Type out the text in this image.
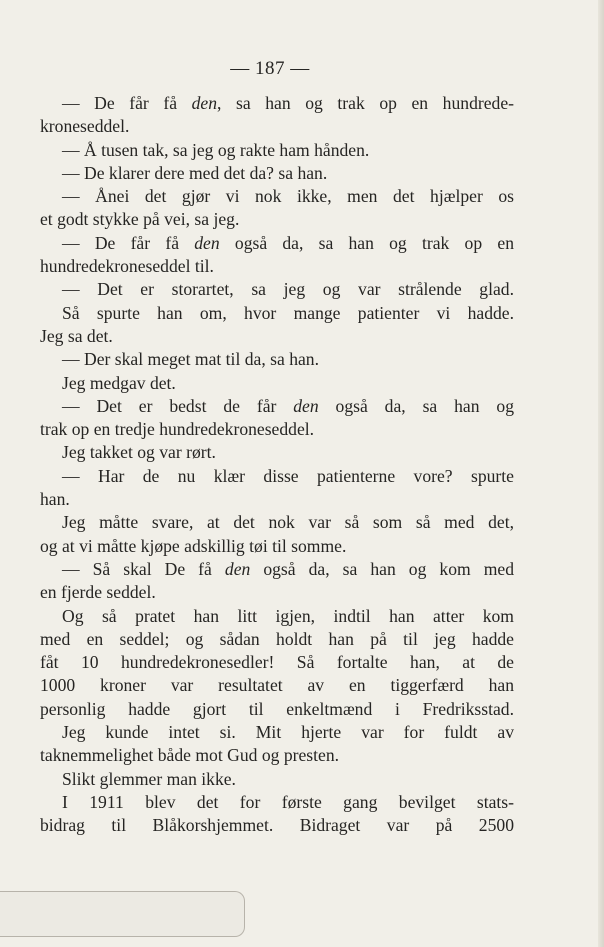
— 187 —
— De får få den, sa han og trak op en hundrede-
kroneseddel.
— Å tusen tak, sa jeg og rakte ham hånden.
— De klarer dere med det da? sa han.
— Ånei det gjør vi nok ikke, men det hjælper os
et godt stykke på vei, sa jeg.
— De får få den også da, sa han og trak op en
hundredekroneseddel til.
— Det er storartet, sa jeg og var strålende glad.
Så spurte han om, hvor mange patienter vi hadde.
Jeg sa det.
— Der skal meget mat til da, sa han.
Jeg medgav det.
— Det er bedst de får den også da, sa han og
trak op en tredje hundredekroneseddel.
Jeg takket og var rørt.
— Har de nu klær disse patienterne vore? spurte
han.
Jeg måtte svare, at det nok var så som så med det,
og at vi måtte kjøpe adskillig tøi til somme.
— Så skal De få den også da, sa han og kom med
en fjerde seddel.
Og så pratet han litt igjen, indtil han atter kom
med en seddel; og sådan holdt han på til jeg hadde
fåt 10 hundredekronesedler! Så fortalte han, at de
1000 kroner var resultatet av en tiggerfærd han
personlig hadde gjort til enkeltmænd i Fredriksstad.
Jeg kunde intet si. Mit hjerte var for fuldt av
taknemmelighet både mot Gud og presten.
Slikt glemmer man ikke.
I 1911 blev det for første gang bevilget stats-
bidrag til Blåkorshjemmet. Bidraget var på 2500
